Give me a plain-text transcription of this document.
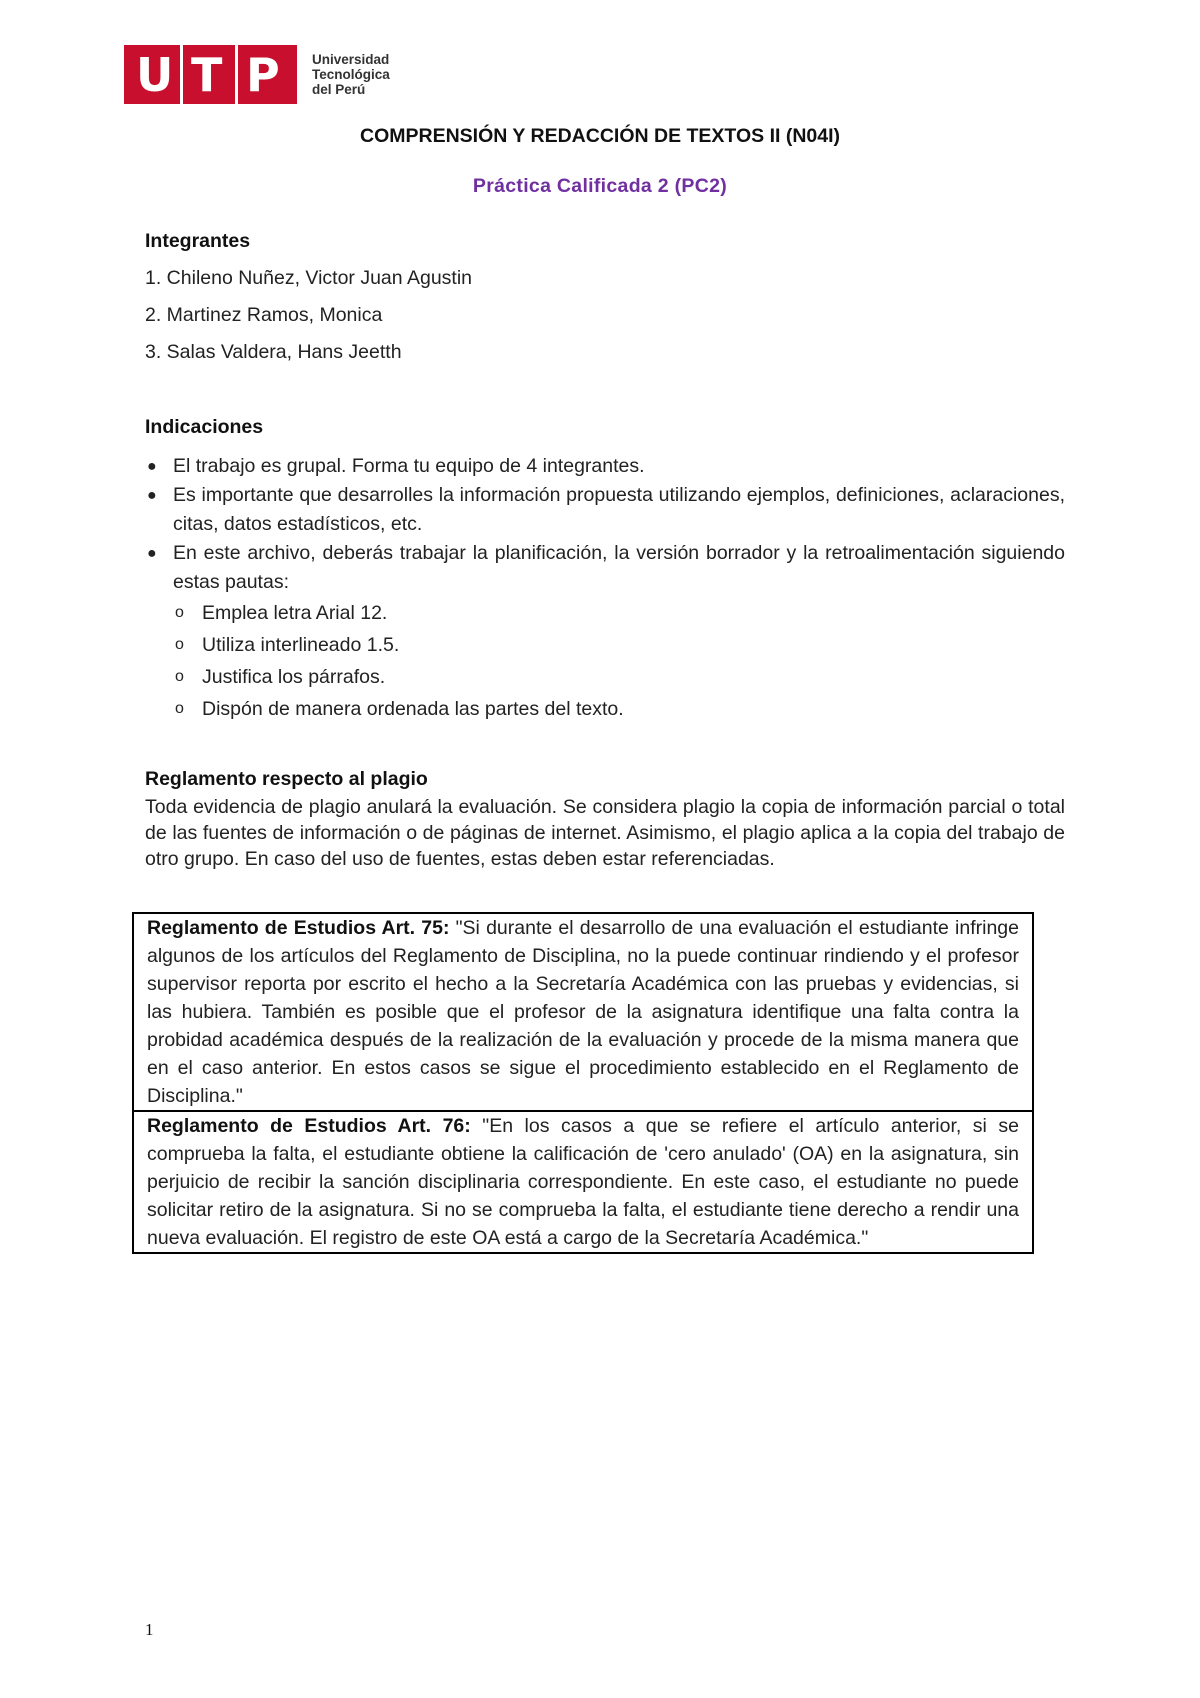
U T P Universidad
Tecnológica
del Perú
COMPRENSIÓN Y REDACCIÓN DE TEXTOS II (N04I)
Práctica Calificada 2 (PC2)
Integrantes
1. Chileno Nuñez, Victor Juan Agustin
2. Martinez Ramos, Monica
3. Salas Valdera, Hans Jeetth
Indicaciones
● El trabajo es grupal. Forma tu equipo de 4 integrantes.
● Es importante que desarrolles la información propuesta utilizando ejemplos, definiciones, aclaraciones, citas, datos estadísticos, etc.
● En este archivo, deberás trabajar la planificación, la versión borrador y la retroalimentación siguiendo estas pautas:
o Emplea letra Arial 12.
o Utiliza interlineado 1.5.
o Justifica los párrafos.
o Dispón de manera ordenada las partes del texto.
Reglamento respecto al plagio
Toda evidencia de plagio anulará la evaluación. Se considera plagio la copia de información parcial o total de las fuentes de información o de páginas de internet. Asimismo, el plagio aplica a la copia del trabajo de otro grupo. En caso del uso de fuentes, estas deben estar referenciadas.
Reglamento de Estudios Art. 75: "Si durante el desarrollo de una evaluación el estudiante infringe algunos de los artículos del Reglamento de Disciplina, no la puede continuar rindiendo y el profesor supervisor reporta por escrito el hecho a la Secretaría Académica con las pruebas y evidencias, si las hubiera. También es posible que el profesor de la asignatura identifique una falta contra la probidad académica después de la realización de la evaluación y procede de la misma manera que en el caso anterior. En estos casos se sigue el procedimiento establecido en el Reglamento de Disciplina."
Reglamento de Estudios Art. 76: "En los casos a que se refiere el artículo anterior, si se comprueba la falta, el estudiante obtiene la calificación de 'cero anulado' (OA) en la asignatura, sin perjuicio de recibir la sanción disciplinaria correspondiente. En este caso, el estudiante no puede solicitar retiro de la asignatura. Si no se comprueba la falta, el estudiante tiene derecho a rendir una nueva evaluación. El registro de este OA está a cargo de la Secretaría Académica."
1
